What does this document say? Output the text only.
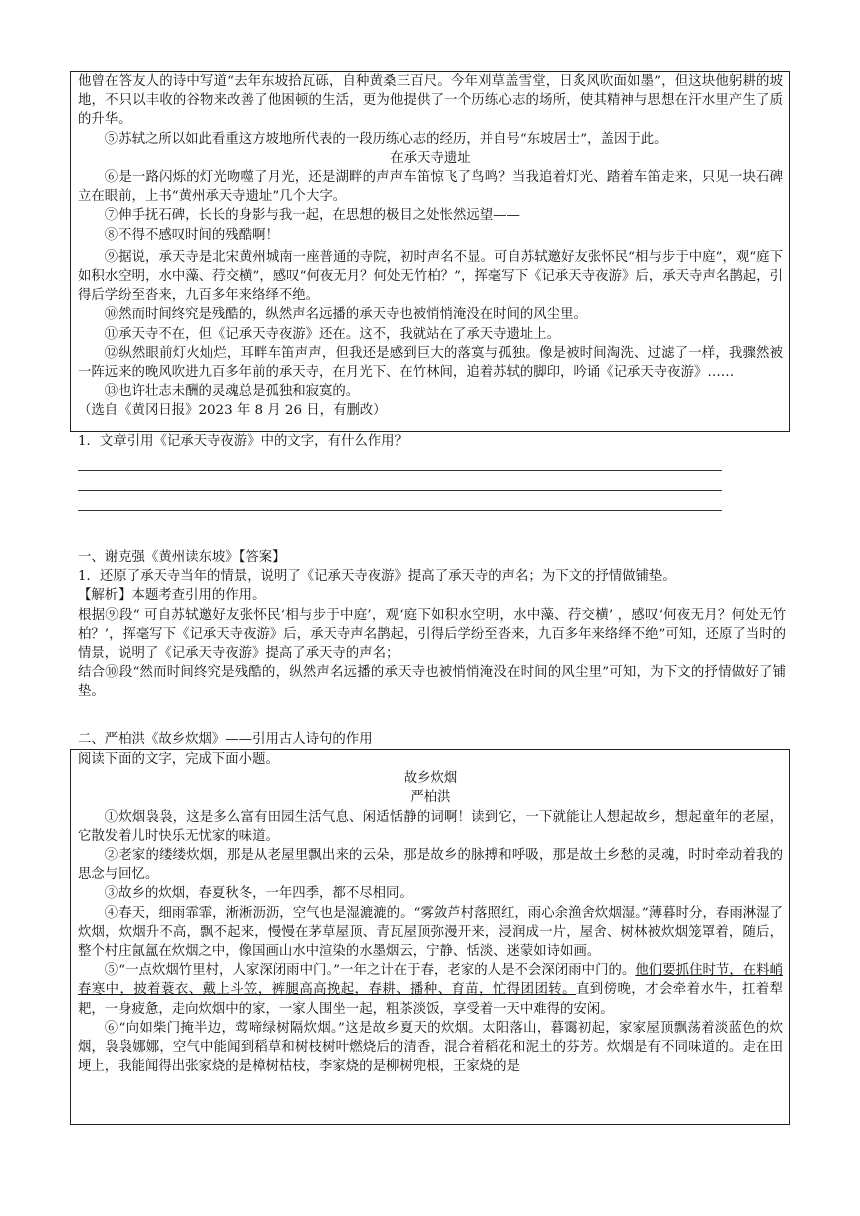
他曾在答友人的诗中写道“去年东坡拾瓦砾，自种黄桑三百尺。今年刈草盖雪堂，日炙风吹面如墨”，但这块他躬耕的坡地，不只以丰收的谷物来改善了他困顿的生活，更为他提供了一个历练心志的场所，使其精神与思想在汗水里产生了质的升华。

⑤苏轼之所以如此看重这方坡地所代表的一段历练心志的经历，并自号“东坡居士”，盖因于此。

在承天寺遗址

⑥是一路闪烁的灯光吻噬了月光，还是湖畔的声声车笛惊飞了鸟鸣？当我追着灯光、踏着车笛走来，只见一块石碑立在眼前，上书“黄州承天寺遗址”几个大字。

⑦伸手抚石碑，长长的身影与我一起，在思想的极目之处怅然远望——

⑧不得不感叹时间的残酷啊！

⑨据说，承天寺是北宋黄州城南一座普通的寺院，初时声名不显。可自苏轼邀好友张怀民“相与步于中庭”，观“庭下如积水空明，水中藻、荇交横”，感叹“何夜无月？何处无竹柏？”，挥毫写下《记承天寺夜游》后，承天寺声名鹊起，引得后学纷至沓来，九百多年来络绎不绝。

⑩然而时间终究是残酷的，纵然声名远播的承天寺也被悄悄淹没在时间的风尘里。

⑪承天寺不在，但《记承天寺夜游》还在。这不，我就站在了承天寺遗址上。

⑫纵然眼前灯火灿烂，耳畔车笛声声，但我还是感到巨大的落寞与孤独。像是被时间淘洗、过滤了一样，我骤然被一阵远来的晚风吹进九百多年前的承天寺，在月光下、在竹林间，追着苏轼的脚印，吟诵《记承天寺夜游》……

⑬也许壮志未酬的灵魂总是孤独和寂寞的。

（选自《黄冈日报》2023 年 8 月 26 日，有删改）

1．文章引用《记承天寺夜游》中的文字，有什么作用？

一、谢克强《黄州读东坡》【答案】

1．还原了承天寺当年的情景，说明了《记承天寺夜游》提高了承天寺的声名；为下文的抒情做铺垫。

【解析】本题考查引用的作用。

根据⑨段“ 可自苏轼邀好友张怀民‘相与步于中庭’，观‘庭下如积水空明，水中藻、荇交横’ ，感叹‘何夜无月？何处无竹柏？’，挥毫写下《记承天寺夜游》后，承天寺声名鹊起，引得后学纷至沓来，九百多年来络绎不绝”可知，还原了当时的情景，说明了《记承天寺夜游》提高了承天寺的声名；

结合⑩段“然而时间终究是残酷的，纵然声名远播的承天寺也被悄悄淹没在时间的风尘里”可知，为下文的抒情做好了铺垫。

二、严柏洪《故乡炊烟》——引用古人诗句的作用

阅读下面的文字，完成下面小题。

故乡炊烟

严柏洪

①炊烟袅袅，这是多么富有田园生活气息、闲适恬静的词啊！读到它，一下就能让人想起故乡，想起童年的老屋，它散发着儿时快乐无忧家的味道。

②老家的缕缕炊烟，那是从老屋里飘出来的云朵，那是故乡的脉搏和呼吸，那是故土乡愁的灵魂，时时牵动着我的思念与回忆。

③故乡的炊烟，春夏秋冬，一年四季，都不尽相同。

④春天，细雨霏霏，淅淅沥沥，空气也是湿漉漉的。“雾敛芦村落照红，雨心余渔舍炊烟湿。”薄暮时分，春雨淋湿了炊烟，炊烟升不高，飘不起来，慢慢在茅草屋顶、青瓦屋顶弥漫开来，浸润成一片，屋舍、树林被炊烟笼罩着，随后，整个村庄氤氲在炊烟之中，像国画山水中渲染的水墨烟云，宁静、恬淡、迷蒙如诗如画。

⑤“一点炊烟竹里村，人家深闭雨中门。”一年之计在于春，老家的人是不会深闭雨中门的。他们要抓住时节，在料峭春寒中，披着蓑衣、戴上斗笠，裤腿高高挽起，春耕、播种、育苗，忙得团团转。直到傍晚，才会牵着水牛，扛着犁耙，一身疲惫，走向炊烟中的家，一家人围坐一起，粗茶淡饭，享受着一天中难得的安闲。

⑥“向如柴门掩半边，莺啼绿树隔炊烟。”这是故乡夏天的炊烟。太阳落山，暮霭初起，家家屋顶飘荡着淡蓝色的炊烟，袅袅娜娜，空气中能闻到稻草和树枝树叶燃烧后的清香，混合着稻花和泥土的芬芳。炊烟是有不同味道的。走在田埂上，我能闻得出张家烧的是樟树枯枝，李家烧的是柳树兜根，王家烧的是
